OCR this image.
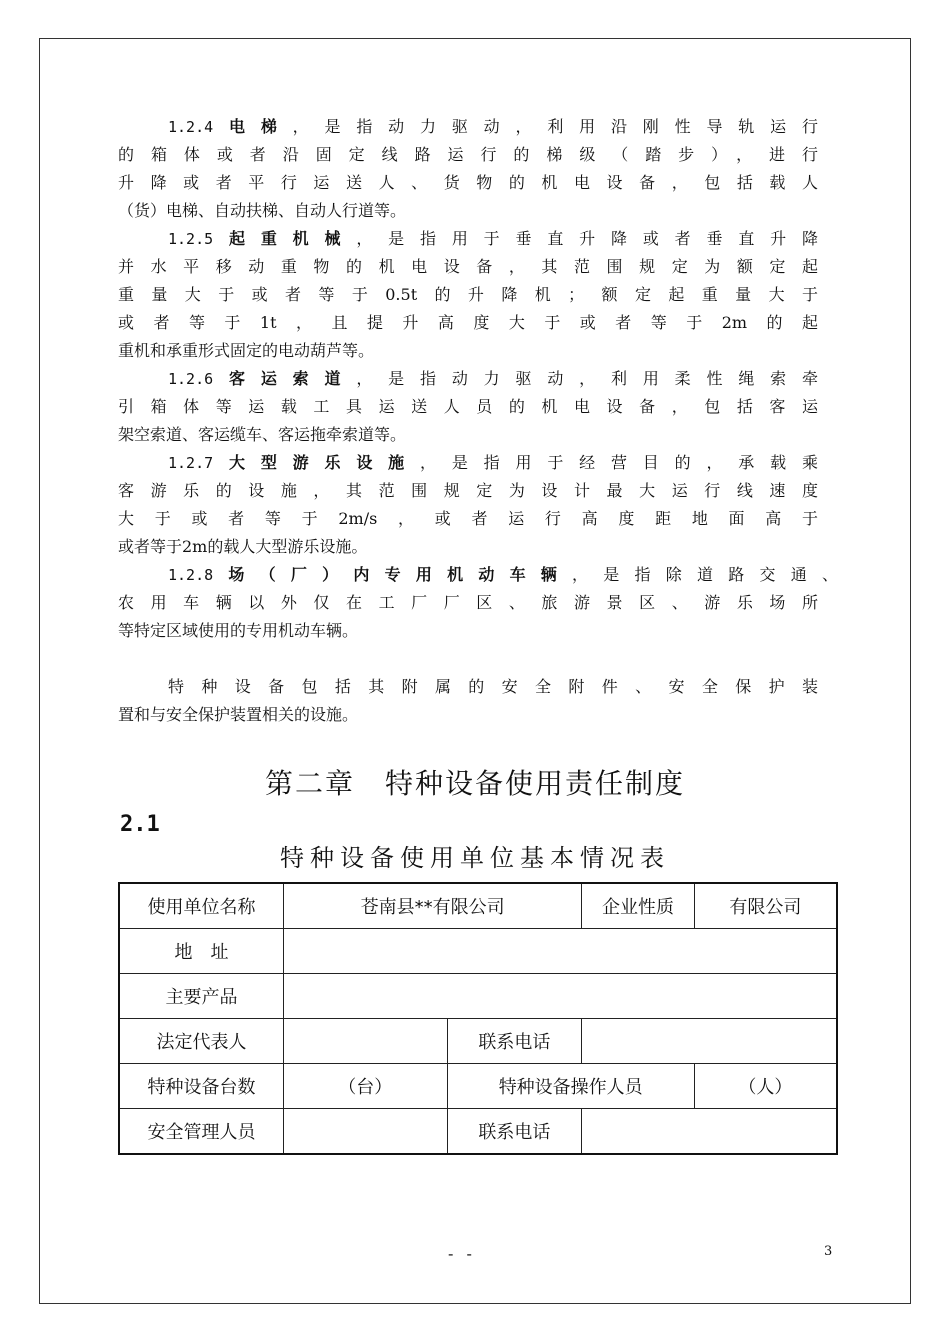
1.2.4电梯，是指动力驱动，利用沿刚性导轨运行
的箱体或者沿固定线路运行的梯级（踏步），进行
升降或者平行运送人、货物的机电设备，包括载人
（货）电梯、自动扶梯、自动人行道等。
1.2.5起重机械，是指用于垂直升降或者垂直升降
并水平移动重物的机电设备，其范围规定为额定起
重量大于或者等于0.5t的升降机；额定起重量大于
或者等于1t，且提升高度大于或者等于2m的起
重机和承重形式固定的电动葫芦等。
1.2.6客运索道，是指动力驱动，利用柔性绳索牵
引箱体等运载工具运送人员的机电设备，包括客运
架空索道、客运缆车、客运拖牵索道等。
1.2.7大型游乐设施，是指用于经营目的，承载乘
客游乐的设施，其范围规定为设计最大运行线速度
大于或者等于2m/s，或者运行高度距地面高于
或者等于2m的载人大型游乐设施。
1.2.8场（厂）内专用机动车辆，是指除道路交通、
农用车辆以外仅在工厂厂区、旅游景区、游乐场所
等特定区域使用的专用机动车辆。
特种设备包括其附属的安全附件、安全保护装
置和与安全保护装置相关的设施。
第二章　特种设备使用责任制度
2.1
特种设备使用单位基本情况表
使用单位名称	苍南县**有限公司		企业性质	有限公司
地　址				
主要产品				
法定代表人		联系电话		
特种设备台数	（台）	特种设备操作人员		（人）
安全管理人员		联系电话		
- -	3
